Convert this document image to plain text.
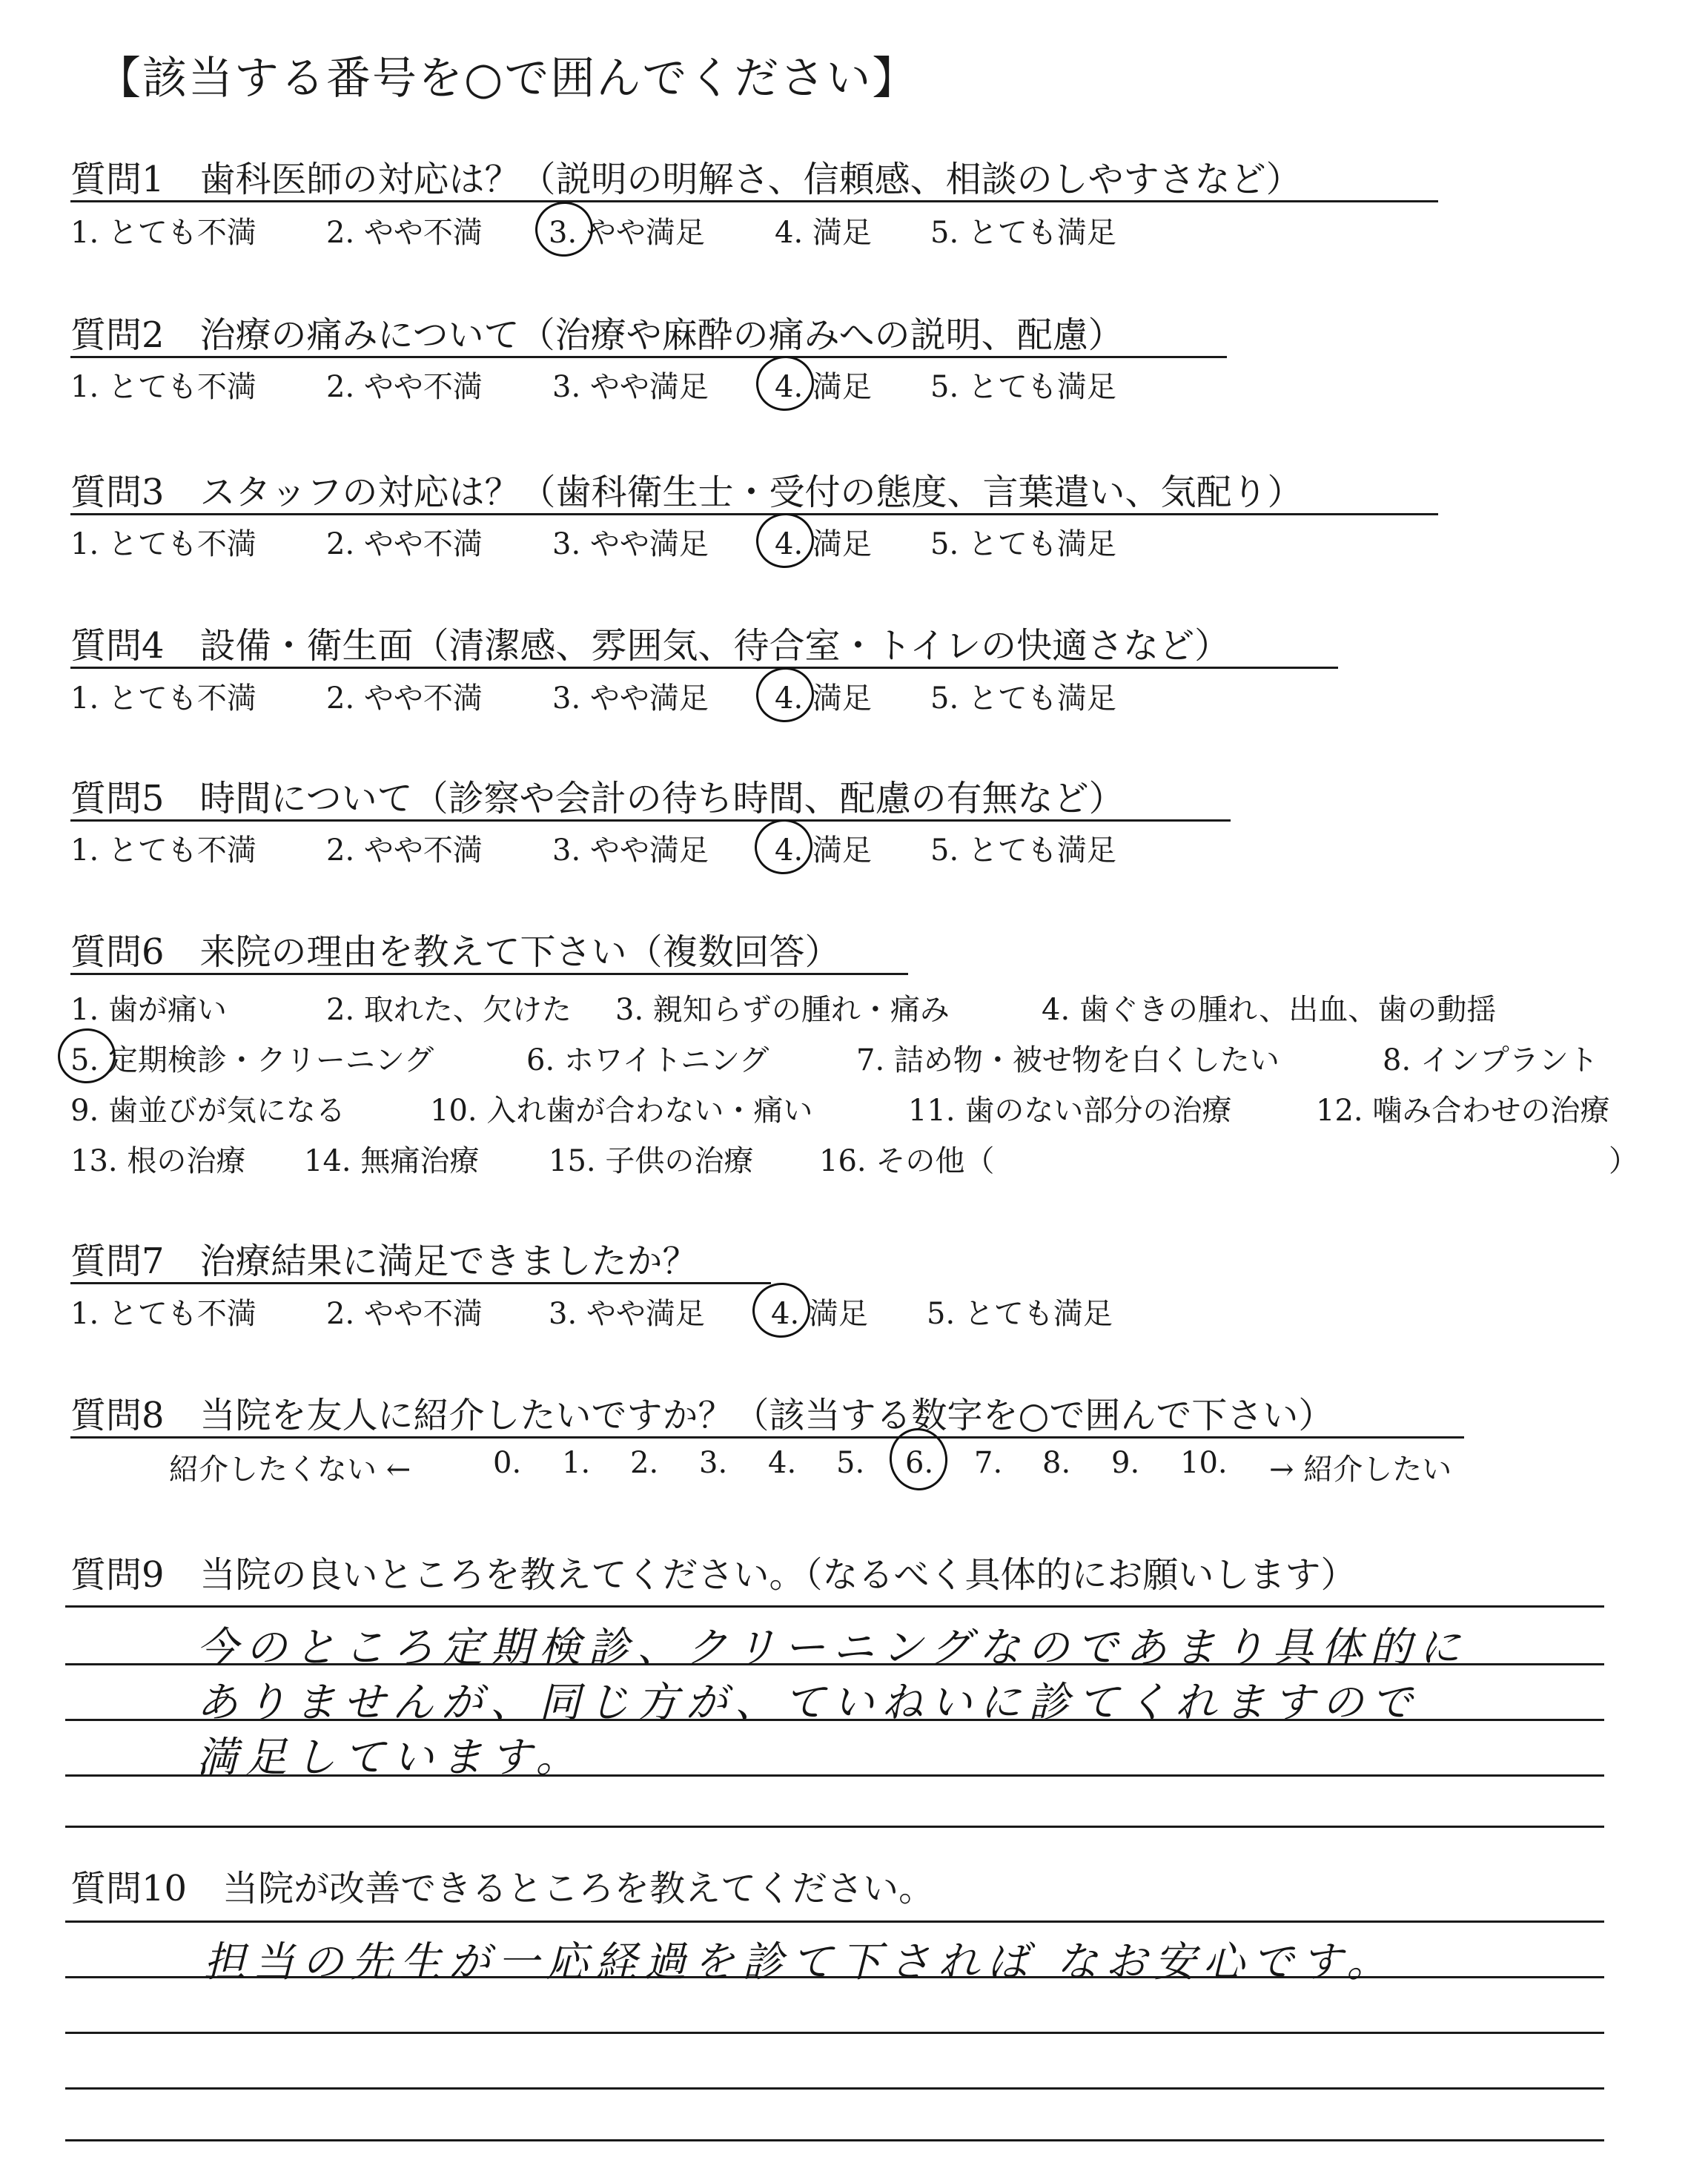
【該当する番号を○で囲んでください】
質問1　歯科医師の対応は？（説明の明解さ、信頼感、相談のしやすさなど）
1. とても不満 2. やや不満 3. やや満足 4. 満足 5. とても満足
質問2　治療の痛みについて（治療や麻酔の痛みへの説明、配慮）
1. とても不満 2. やや不満 3. やや満足 4. 満足 5. とても満足
質問3　スタッフの対応は？（歯科衛生士・受付の態度、言葉遣い、気配り）
1. とても不満 2. やや不満 3. やや満足 4. 満足 5. とても満足
質問4　設備・衛生面（清潔感、雰囲気、待合室・トイレの快適さなど）
1. とても不満 2. やや不満 3. やや満足 4. 満足 5. とても満足
質問5　時間について（診察や会計の待ち時間、配慮の有無など）
1. とても不満 2. やや不満 3. やや満足 4. 満足 5. とても満足
質問6　来院の理由を教えて下さい（複数回答）
1. 歯が痛い	2. 取れた、欠けた 3. 親知らずの腫れ・痛み	4. 歯ぐきの腫れ、出血、歯の動揺
5. 定期検診・クリーニング	6. ホワイトニング	7. 詰め物・被せ物を白くしたい	8. インプラント
9. 歯並びが気になる	10. 入れ歯が合わない・痛い	11. 歯のない部分の治療	12. 噛み合わせの治療
13. 根の治療 14. 無痛治療 15. 子供の治療 16. その他（	）
質問7　治療結果に満足できましたか？
1. とても不満 2. やや不満 3. やや満足 4. 満足 5. とても満足
質問8　当院を友人に紹介したいですか？（該当する数字を○で囲んで下さい）
紹介したくない ←	0. 1. 2. 3. 4. 5. 6. 7. 8. 9. 10. → 紹介したい
質問9　当院の良いところを教えてください。（なるべく具体的にお願いします）
今のところ定期検診、クリーニングなのであまり具体的に
ありませんが、同じ方が、ていねいに診てくれますので
満足しています。
質問10　当院が改善できるところを教えてください。
担当の先生が一応経過を診て下されば なお安心です。
